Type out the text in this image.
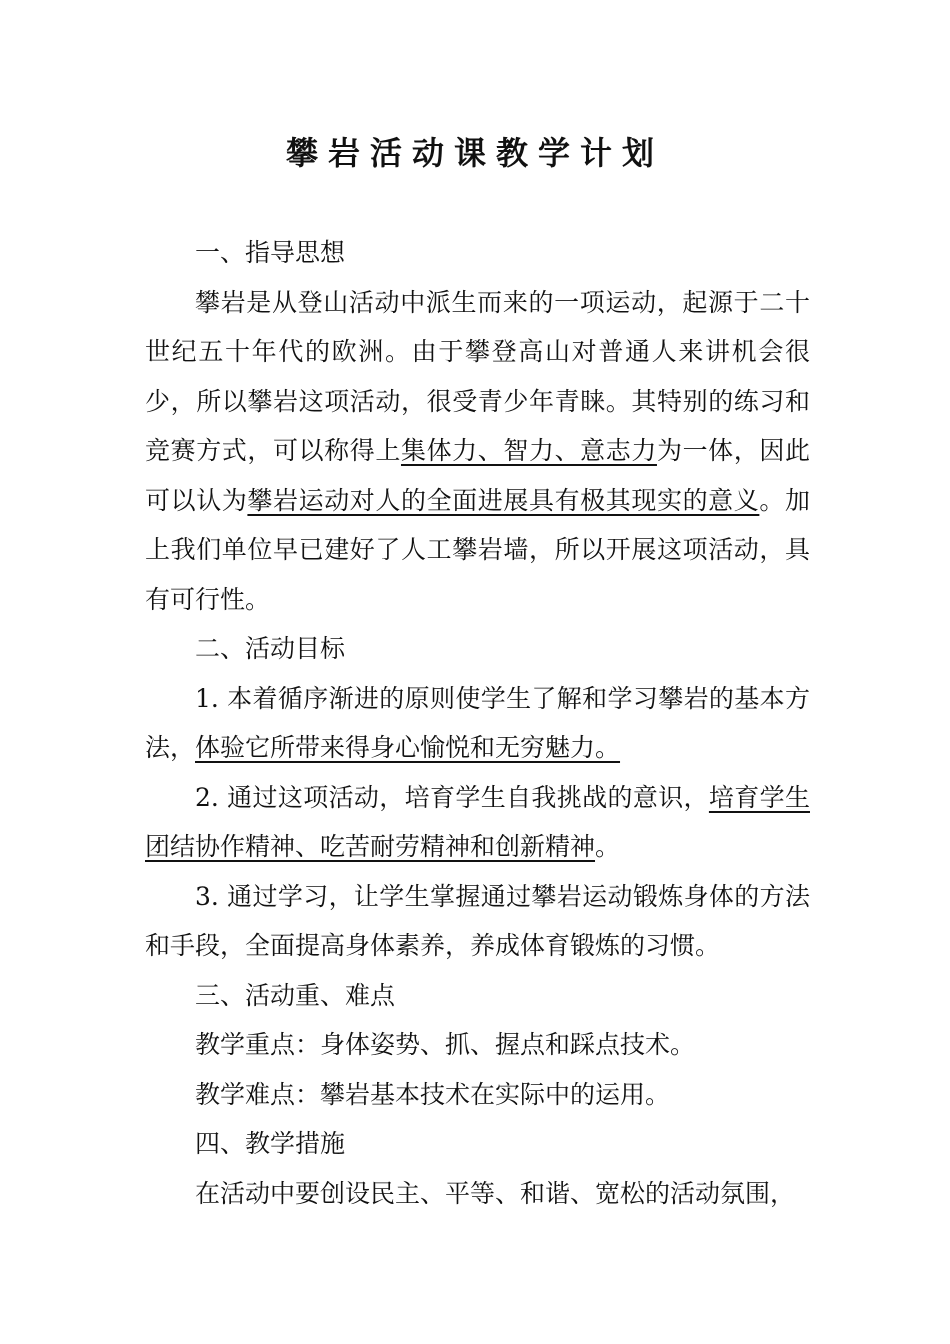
攀岩活动课教学计划

一、指导思想

攀岩是从登山活动中派生而来的一项运动，起源于二十世纪五十年代的欧洲。由于攀登高山对普通人来讲机会很少，所以攀岩这项活动，很受青少年青睐。其特别的练习和竞赛方式，可以称得上集体力、智力、意志力为一体，因此可以认为攀岩运动对人的全面进展具有极其现实的意义。加上我们单位早已建好了人工攀岩墙，所以开展这项活动，具有可行性。

二、活动目标

1. 本着循序渐进的原则使学生了解和学习攀岩的基本方法，体验它所带来得身心愉悦和无穷魅力。

2. 通过这项活动，培育学生自我挑战的意识，培育学生团结协作精神、吃苦耐劳精神和创新精神。

3. 通过学习，让学生掌握通过攀岩运动锻炼身体的方法和手段，全面提高身体素养，养成体育锻炼的习惯。

三、活动重、难点

教学重点：身体姿势、抓、握点和踩点技术。

教学难点：攀岩基本技术在实际中的运用。

四、教学措施

在活动中要创设民主、平等、和谐、宽松的活动氛围，
